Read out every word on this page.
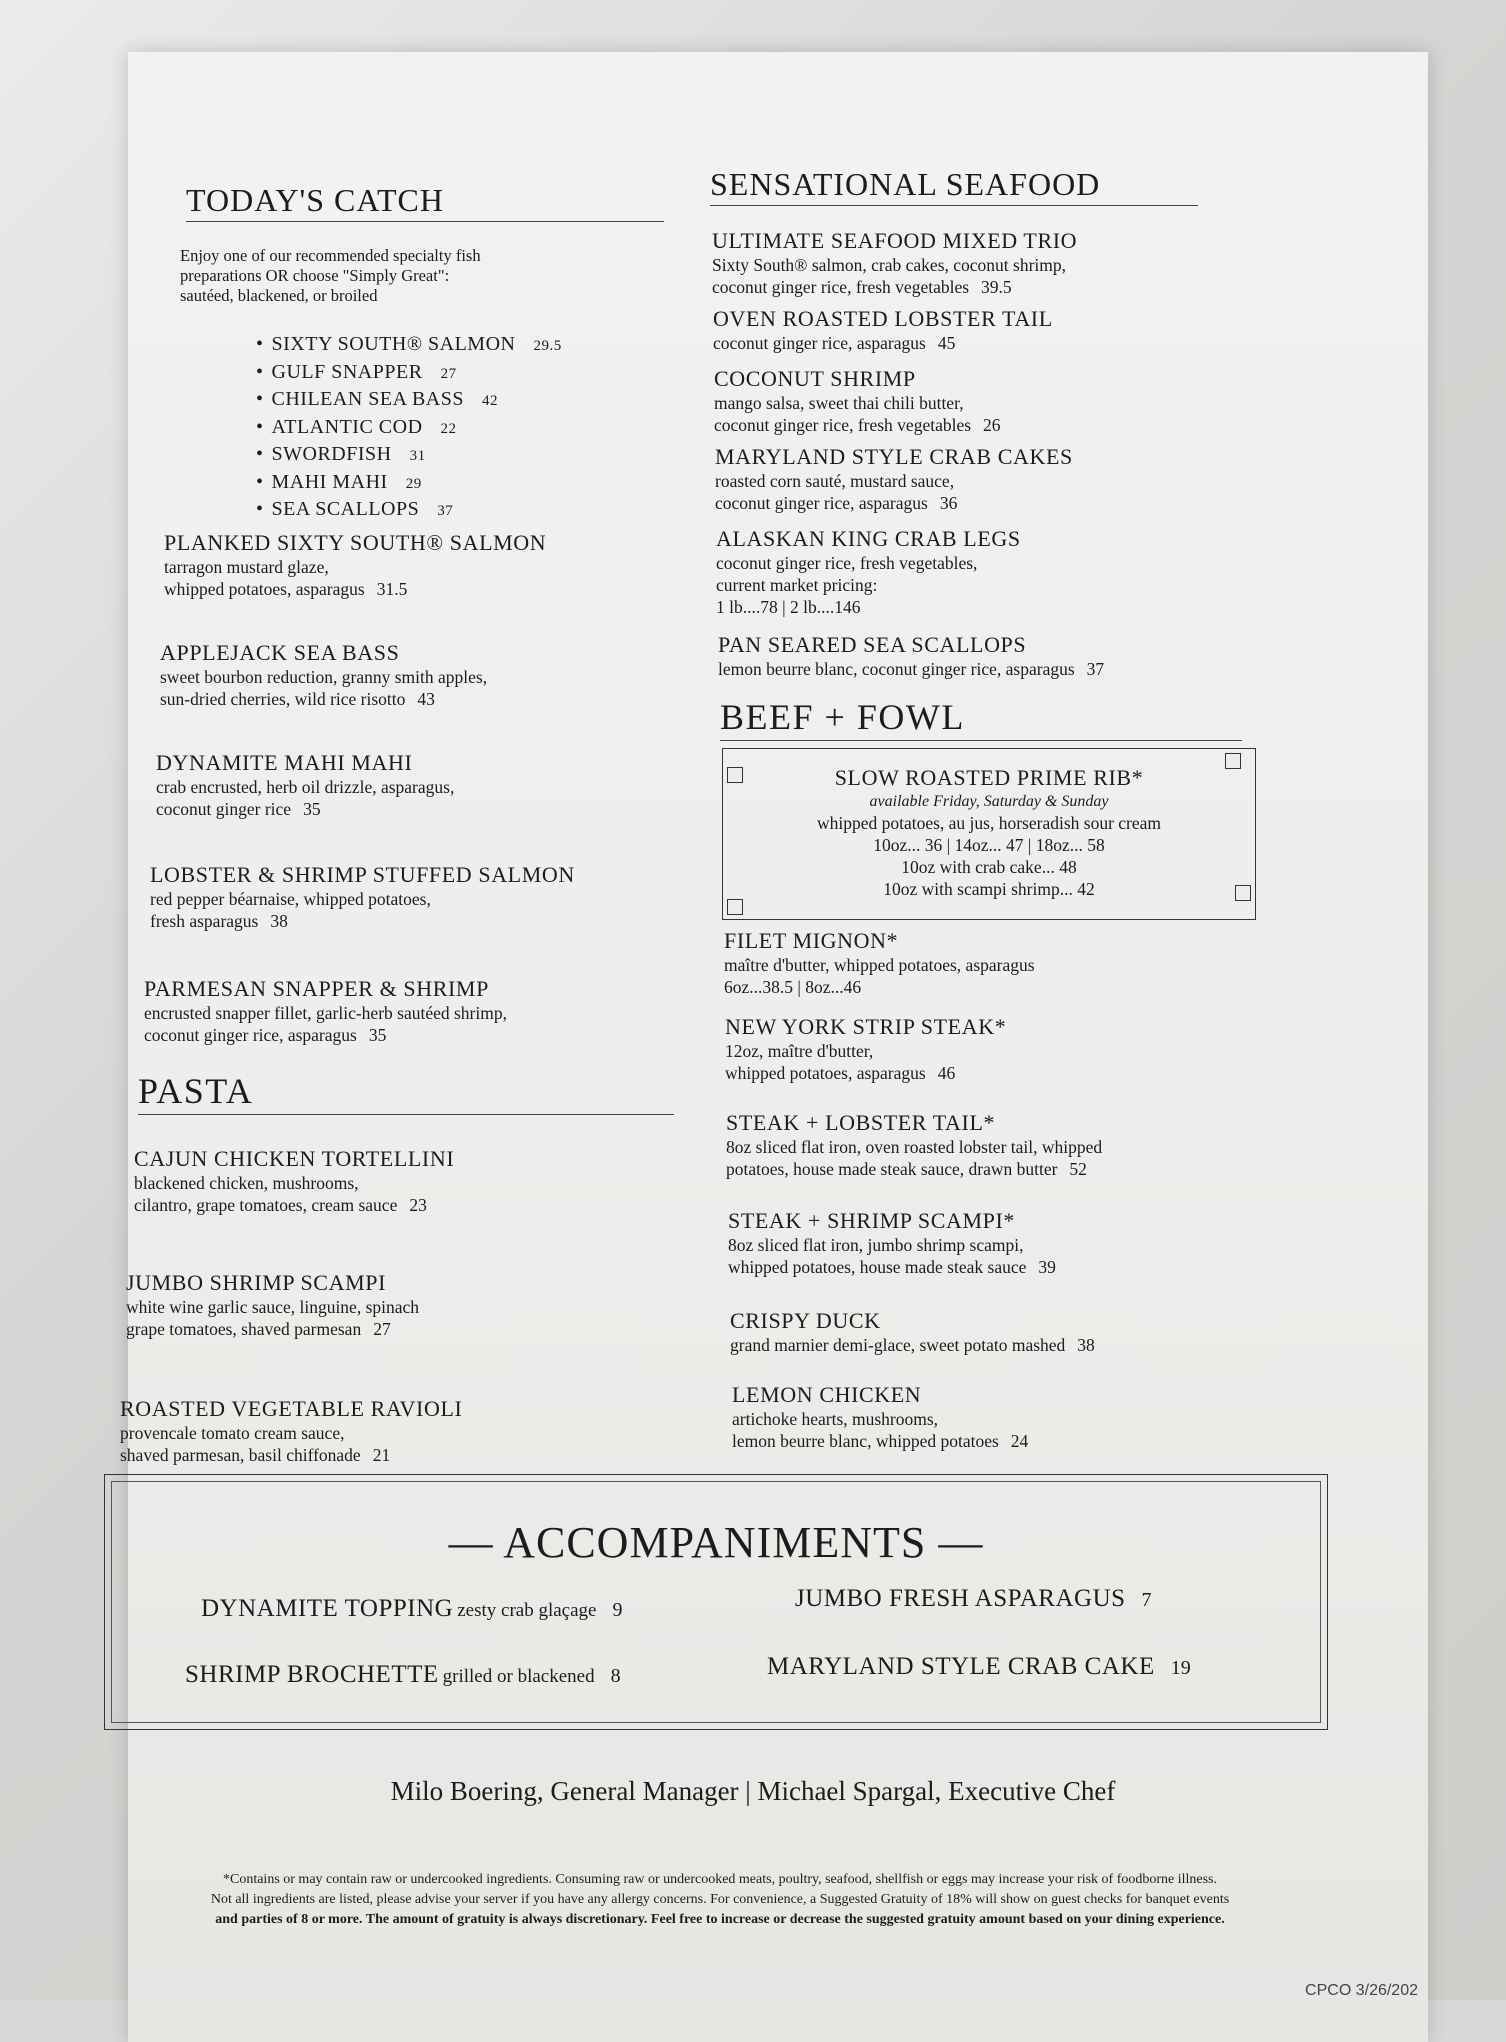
TODAY'S CATCH
Enjoy one of our recommended specialty fish
preparations OR choose "Simply Great":
sautéed, blackened, or broiled
• SIXTY SOUTH® SALMON 29.5
• GULF SNAPPER 27
• CHILEAN SEA BASS 42
• ATLANTIC COD 22
• SWORDFISH 31
• MAHI MAHI 29
• SEA SCALLOPS 37
PLANKED SIXTY SOUTH® SALMON
tarragon mustard glaze,
whipped potatoes, asparagus 31.5
APPLEJACK SEA BASS
sweet bourbon reduction, granny smith apples,
sun-dried cherries, wild rice risotto 43
DYNAMITE MAHI MAHI
crab encrusted, herb oil drizzle, asparagus,
coconut ginger rice 35
LOBSTER & SHRIMP STUFFED SALMON
red pepper béarnaise, whipped potatoes,
fresh asparagus 38
PARMESAN SNAPPER & SHRIMP
encrusted snapper fillet, garlic-herb sautéed shrimp,
coconut ginger rice, asparagus 35
PASTA
CAJUN CHICKEN TORTELLINI
blackened chicken, mushrooms,
cilantro, grape tomatoes, cream sauce 23
JUMBO SHRIMP SCAMPI
white wine garlic sauce, linguine, spinach
grape tomatoes, shaved parmesan 27
ROASTED VEGETABLE RAVIOLI
provencale tomato cream sauce,
shaved parmesan, basil chiffonade 21
SENSATIONAL SEAFOOD
ULTIMATE SEAFOOD MIXED TRIO
Sixty South® salmon, crab cakes, coconut shrimp,
coconut ginger rice, fresh vegetables 39.5
OVEN ROASTED LOBSTER TAIL
coconut ginger rice, asparagus 45
COCONUT SHRIMP
mango salsa, sweet thai chili butter,
coconut ginger rice, fresh vegetables 26
MARYLAND STYLE CRAB CAKES
roasted corn sauté, mustard sauce,
coconut ginger rice, asparagus 36
ALASKAN KING CRAB LEGS
coconut ginger rice, fresh vegetables,
current market pricing:
1 lb....78 | 2 lb....146
PAN SEARED SEA SCALLOPS
lemon beurre blanc, coconut ginger rice, asparagus 37
BEEF + FOWL
SLOW ROASTED PRIME RIB*
available Friday, Saturday & Sunday
whipped potatoes, au jus, horseradish sour cream
10oz... 36 | 14oz... 47 | 18oz... 58
10oz with crab cake... 48
10oz with scampi shrimp... 42
FILET MIGNON*
maître d'butter, whipped potatoes, asparagus
6oz...38.5 | 8oz...46
NEW YORK STRIP STEAK*
12oz, maître d'butter,
whipped potatoes, asparagus 46
STEAK + LOBSTER TAIL*
8oz sliced flat iron, oven roasted lobster tail, whipped
potatoes, house made steak sauce, drawn butter 52
STEAK + SHRIMP SCAMPI*
8oz sliced flat iron, jumbo shrimp scampi,
whipped potatoes, house made steak sauce 39
CRISPY DUCK
grand marnier demi-glace, sweet potato mashed 38
LEMON CHICKEN
artichoke hearts, mushrooms,
lemon beurre blanc, whipped potatoes 24
— ACCOMPANIMENTS —
DYNAMITE TOPPING zesty crab glaçage 9	JUMBO FRESH ASPARAGUS 7
SHRIMP BROCHETTE grilled or blackened 8	MARYLAND STYLE CRAB CAKE 19
Milo Boering, General Manager | Michael Spargal, Executive Chef
*Contains or may contain raw or undercooked ingredients. Consuming raw or undercooked meats, poultry, seafood, shellfish or eggs may increase your risk of foodborne illness.
Not all ingredients are listed, please advise your server if you have any allergy concerns. For convenience, a Suggested Gratuity of 18% will show on guest checks for banquet events
and parties of 8 or more. The amount of gratuity is always discretionary. Feel free to increase or decrease the suggested gratuity amount based on your dining experience.
CPCO 3/26/202
